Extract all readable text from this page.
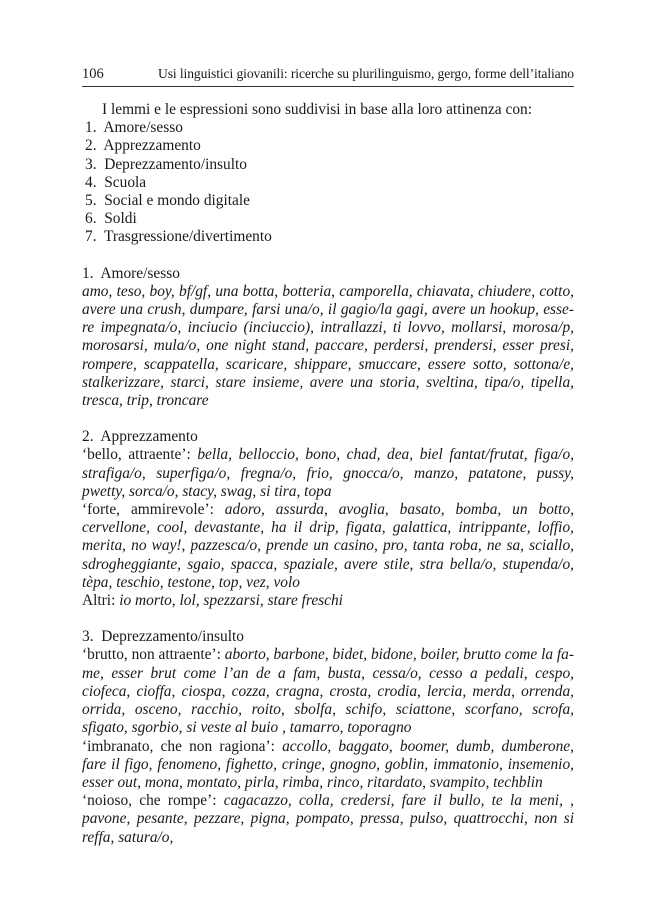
106	Usi linguistici giovanili: ricerche su plurilinguismo, gergo, forme dell’italiano

I lemmi e le espressioni sono suddivisi in base alla loro attinenza con:

1.  Amore/sesso
2.  Apprezzamento
3.  Deprezzamento/insulto
4.  Scuola
5.  Social e mondo digitale
6.  Soldi
7.  Trasgressione/divertimento

1.  Amore/sesso

amo, teso, boy, bf/gf, una botta, botteria, camporella, chiavata, chiudere, cotto, avere una crush, dumpare, farsi una/o, il gagio/la gagi, avere un hookup, esse-re impegnata/o, inciucio (inciuccio), intrallazzi, ti lovvo, mollarsi, morosa/p, morosarsi, mula/o, one night stand, paccare, perdersi, prendersi, esser presi, rompere, scappatella, scaricare, shippare, smuccare, essere sotto, sottona/e, stalkerizzare, starci, stare insieme, avere una storia, sveltina, tipa/o, tipella, tresca, trip, troncare

2.  Apprezzamento

‘bello, attraente’: bella, belloccio, bono, chad, dea, biel fantat/frutat, figa/o, strafiga/o, superfiga/o, fregna/o, frio, gnocca/o, manzo, patatone, pussy, pwetty, sorca/o, stacy, swag, si tira, topa

‘forte, ammirevole’: adoro, assurda, avoglia, basato, bomba, un botto, cervellone, cool, devastante, ha il drip, figata, galattica, intrippante, loffio, merita, no way!, pazzesca/o, prende un casino, pro, tanta roba, ne sa, sciallo, sdrogheggiante, sgaio, spacca, spaziale, avere stile, stra bella/o, stupenda/o, tèpa, teschio, testone, top, vez, volo

Altri: io morto, lol, spezzarsi, stare freschi

3.  Deprezzamento/insulto

‘brutto, non attraente’: aborto, barbone, bidet, bidone, boiler, brutto come la fa-me, esser brut come l’an de a fam, busta, cessa/o, cesso a pedali, cespo, ciofeca, cioffa, ciospa, cozza, cragna, crosta, crodia, lercia, merda, orrenda, orrida, osceno, racchio, roito, sbolfa, schifo, sciattone, scorfano, scrofa, sfigato, sgorbio, si veste al buio , tamarro, toporagno

‘imbranato, che non ragiona’: accollo, baggato, boomer, dumb, dumberone, fare il figo, fenomeno, fighetto, cringe, gnogno, goblin, immatonio, insemenio, esser out, mona, montato, pirla, rimba, rinco, ritardato, svampito, techblin

‘noioso, che rompe’: cagacazzo, colla, credersi, fare il bullo, te la meni, , pavone, pesante, pezzare, pigna, pompato, pressa, pulso, quattrocchi, non si reffa, satura/o,
